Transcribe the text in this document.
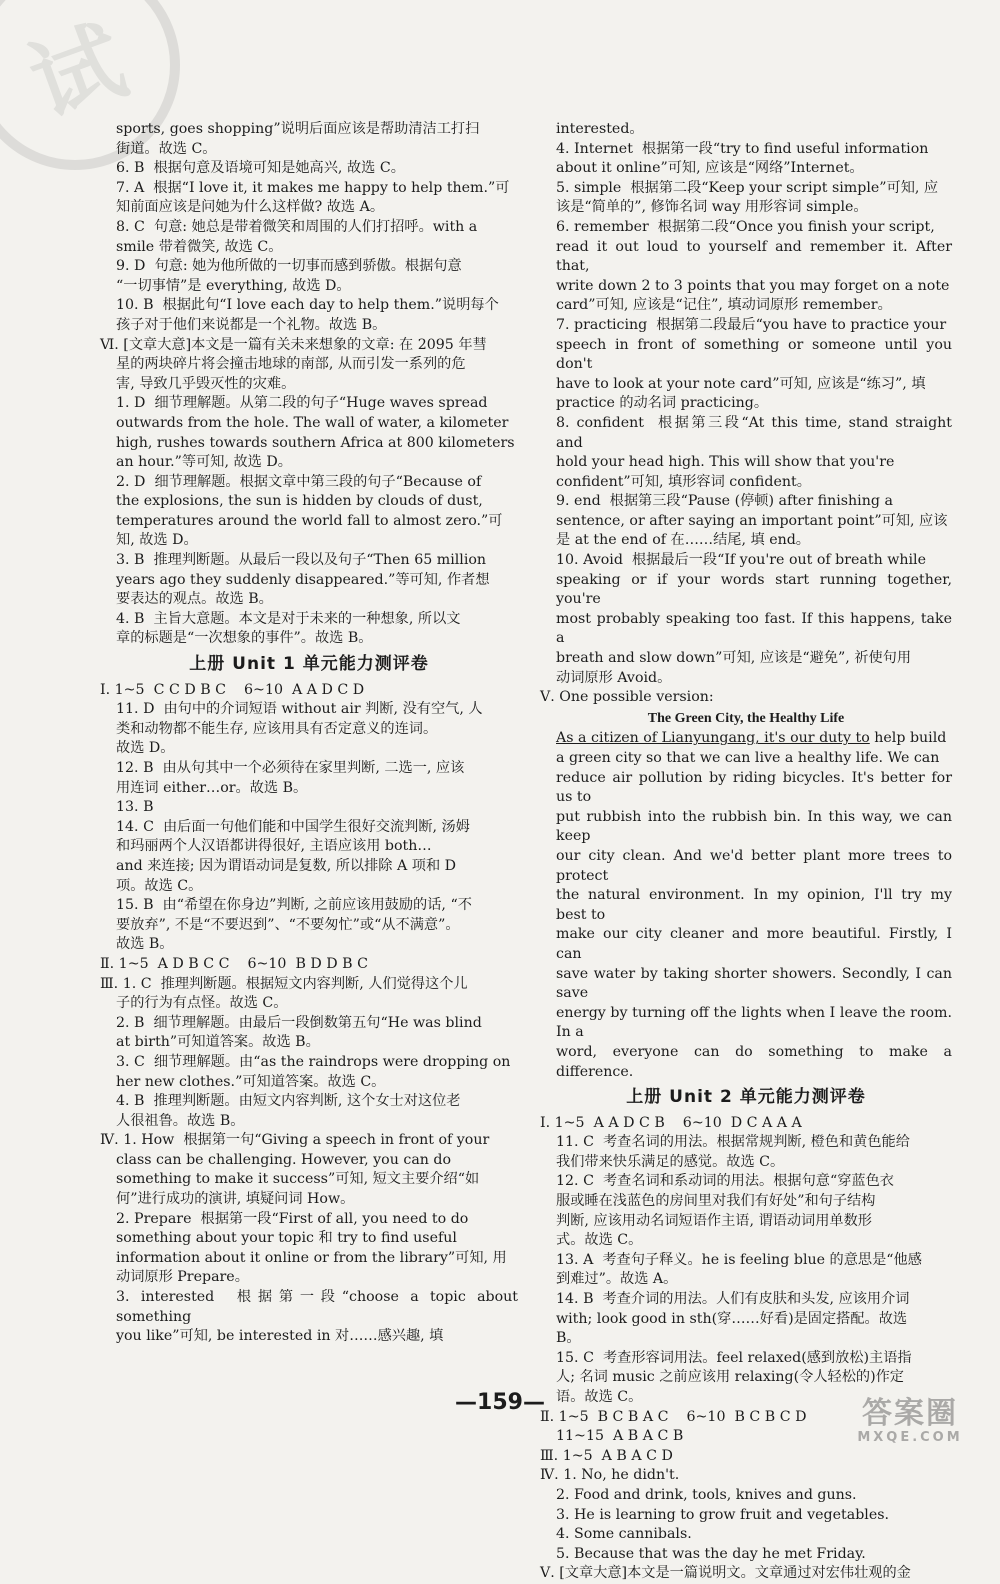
试
sports, goes shopping”说明后面应该是帮助清洁工打扫
街道。故选 C。
6. B  根据句意及语境可知是她高兴, 故选 C。
7. A  根据“I love it, it makes me happy to help them.”可
知前面应该是问她为什么这样做? 故选 A。
8. C  句意: 她总是带着微笑和周围的人们打招呼。with a
smile 带着微笑, 故选 C。
9. D  句意: 她为他所做的一切事而感到骄傲。根据句意
“一切事情”是 everything, 故选 D。
10. B  根据此句“I love each day to help them.”说明每个
孩子对于他们来说都是一个礼物。故选 B。
Ⅵ. [文章大意]本文是一篇有关未来想象的文章: 在 2095 年彗
星的两块碎片将会撞击地球的南部, 从而引发一系列的危
害, 导致几乎毁灭性的灾难。
1. D  细节理解题。从第二段的句子“Huge waves spread
outwards from the hole. The wall of water, a kilometer
high, rushes towards southern Africa at 800 kilometers
an hour.”等可知, 故选 D。
2. D  细节理解题。根据文章中第三段的句子“Because of
the explosions, the sun is hidden by clouds of dust,
temperatures around the world fall to almost zero.”可
知, 故选 D。
3. B  推理判断题。从最后一段以及句子“Then 65 million
years ago they suddenly disappeared.”等可知, 作者想
要表达的观点。故选 B。
4. B  主旨大意题。本文是对于未来的一种想象, 所以文
章的标题是“一次想象的事件”。故选 B。
上册 Unit 1 单元能力测评卷
Ⅰ. 1~5  C C D B C    6~10  A A D C D
11. D  由句中的介词短语 without air 判断, 没有空气, 人
类和动物都不能生存, 应该用具有否定意义的连词。
故选 D。
12. B  由从句其中一个必须待在家里判断, 二选一, 应该
用连词 either…or。故选 B。
13. B
14. C  由后面一句他们能和中国学生很好交流判断, 汤姆
和玛丽两个人汉语都讲得很好, 主语应该用 both…
and 来连接; 因为谓语动词是复数, 所以排除 A 项和 D
项。故选 C。
15. B  由“希望在你身边”判断, 之前应该用鼓励的话, “不
要放弃”, 不是“不要迟到”、“不要匆忙”或“从不满意”。
故选 B。
Ⅱ. 1~5  A D B C C    6~10  B D D B C
Ⅲ. 1. C  推理判断题。根据短文内容判断, 人们觉得这个儿
子的行为有点怪。故选 C。
2. B  细节理解题。由最后一段倒数第五句“He was blind
at birth”可知道答案。故选 B。
3. C  细节理解题。由“as the raindrops were dropping on
her new clothes.”可知道答案。故选 C。
4. B  推理判断题。由短文内容判断, 这个女士对这位老
人很祖鲁。故选 B。
Ⅳ. 1. How  根据第一句“Giving a speech in front of your
class can be challenging. However, you can do
something to make it success”可知, 短文主要介绍“如
何”进行成功的演讲, 填疑问词 How。
2. Prepare  根据第一段“First of all, you need to do
something about your topic 和 try to find useful
information about it online or from the library”可知, 用
动词原形 Prepare。
3. interested  根据第一段“choose a topic about something
you like”可知, be interested in 对……感兴趣, 填
interested。
4. Internet  根据第一段“try to find useful information
about it online”可知, 应该是“网络”Internet。
5. simple  根据第二段“Keep your script simple”可知, 应
该是“简单的”, 修饰名词 way 用形容词 simple。
6. remember  根据第二段“Once you finish your script,
read it out loud to yourself and remember it. After that,
write down 2 to 3 points that you may forget on a note
card”可知, 应该是“记住”, 填动词原形 remember。
7. practicing  根据第二段最后“you have to practice your
speech in front of something or someone until you don't
have to look at your note card”可知, 应该是“练习”, 填
practice 的动名词 practicing。
8. confident  根据第三段“At this time, stand straight and
hold your head high. This will show that you're
confident”可知, 填形容词 confident。
9. end  根据第三段“Pause (停顿) after finishing a
sentence, or after saying an important point”可知, 应该
是 at the end of 在……结尾, 填 end。
10. Avoid  根据最后一段“If you're out of breath while
speaking or if your words start running together, you're
most probably speaking too fast. If this happens, take a
breath and slow down”可知, 应该是“避免”, 祈使句用
动词原形 Avoid。
Ⅴ. One possible version:
The Green City, the Healthy Life
As a citizen of Lianyungang, it's our duty to help build
a green city so that we can live a healthy life. We can
reduce air pollution by riding bicycles. It's better for us to
put rubbish into the rubbish bin. In this way, we can keep
our city clean. And we'd better plant more trees to protect
the natural environment. In my opinion, I'll try my best to
make our city cleaner and more beautiful. Firstly, I can
save water by taking shorter showers. Secondly, I can save
energy by turning off the lights when I leave the room. In a
word, everyone can do something to make a difference.
上册 Unit 2 单元能力测评卷
Ⅰ. 1~5  A A D C B    6~10  D C A A A
11. C  考查名词的用法。根据常规判断, 橙色和黄色能给
我们带来快乐满足的感觉。故选 C。
12. C  考查名词和系动词的用法。根据句意“穿蓝色衣
服或睡在浅蓝色的房间里对我们有好处”和句子结构
判断, 应该用动名词短语作主语, 谓语动词用单数形
式。故选 C。
13. A  考查句子释义。he is feeling blue 的意思是“他感
到难过”。故选 A。
14. B  考查介词的用法。人们有皮肤和头发, 应该用介词
with; look good in sth(穿……好看)是固定搭配。故选
B。
15. C  考查形容词用法。feel relaxed(感到放松)主语指
人; 名词 music 之前应该用 relaxing(令人轻松的)作定
语。故选 C。
Ⅱ. 1~5  B C B A C    6~10  B C B C D
11~15  A B A C B
Ⅲ. 1~5  A B A C D
Ⅳ. 1. No, he didn't.
2. Food and drink, tools, knives and guns.
3. He is learning to grow fruit and vegetables.
4. Some cannibals.
5. Because that was the day he met Friday.
Ⅴ. [文章大意]本文是一篇说明文。文章通过对宏伟壮观的金
—159—	答案圈
MXQE.COM
